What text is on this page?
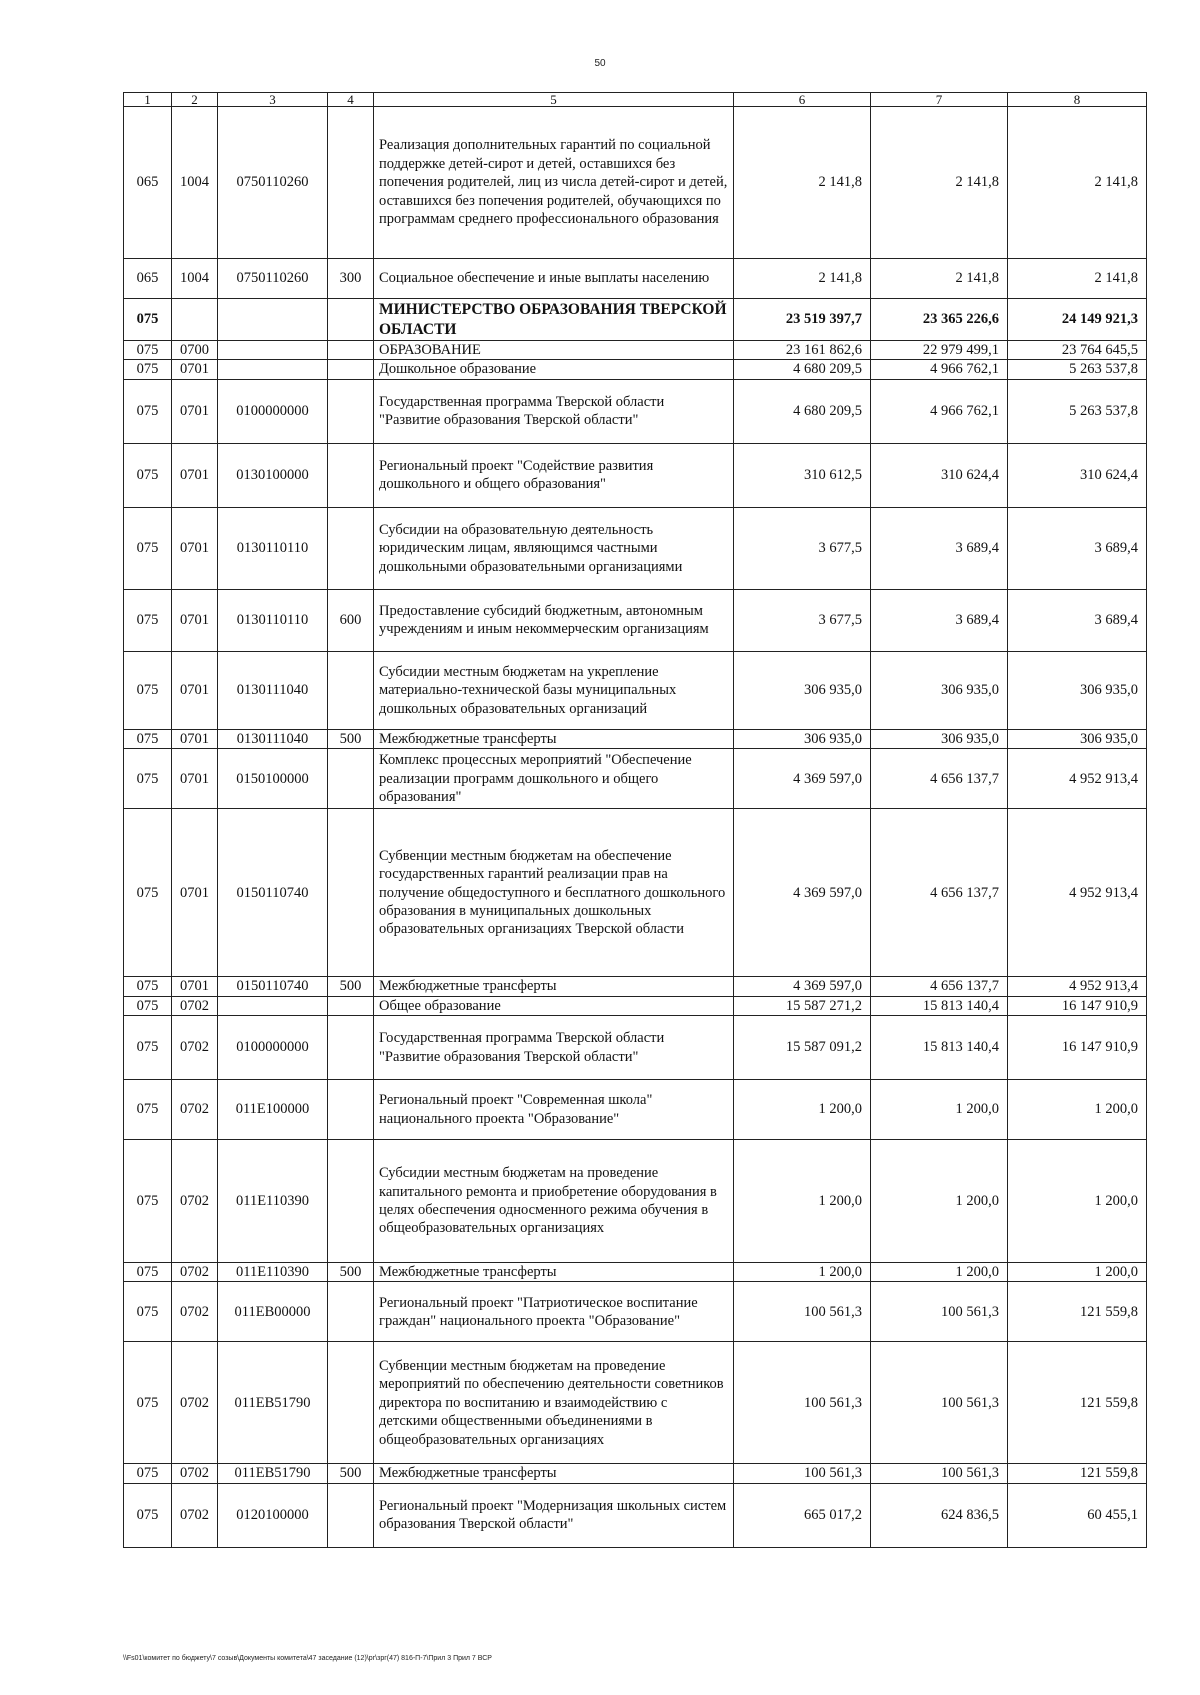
50
1	2	3	4	5	6	7	8
065	1004	0750110260		Реализация дополнительных гарантий по социальной поддержке детей-сирот и детей, оставшихся без попечения родителей, лиц из числа детей-сирот и детей, оставшихся без попечения родителей, обучающихся по программам среднего профессионального образования	2 141,8	2 141,8	2 141,8
065	1004	0750110260	300	Социальное обеспечение и иные выплаты населению	2 141,8	2 141,8	2 141,8
075				МИНИСТЕРСТВО ОБРАЗОВАНИЯ ТВЕРСКОЙ ОБЛАСТИ	23 519 397,7	23 365 226,6	24 149 921,3
075	0700			ОБРАЗОВАНИЕ	23 161 862,6	22 979 499,1	23 764 645,5
075	0701			Дошкольное образование	4 680 209,5	4 966 762,1	5 263 537,8
075	0701	0100000000		Государственная программа Тверской области "Развитие образования Тверской области"	4 680 209,5	4 966 762,1	5 263 537,8
075	0701	0130100000		Региональный проект "Содействие развития дошкольного и общего образования"	310 612,5	310 624,4	310 624,4
075	0701	0130110110		Субсидии на образовательную деятельность юридическим лицам, являющимся частными дошкольными образовательными организациями	3 677,5	3 689,4	3 689,4
075	0701	0130110110	600	Предоставление субсидий бюджетным, автономным учреждениям и иным некоммерческим организациям	3 677,5	3 689,4	3 689,4
075	0701	0130111040		Субсидии местным бюджетам на укрепление материально-технической базы муниципальных дошкольных образовательных организаций	306 935,0	306 935,0	306 935,0
075	0701	0130111040	500	Межбюджетные трансферты	306 935,0	306 935,0	306 935,0
075	0701	0150100000		Комплекс процессных мероприятий "Обеспечение реализации программ дошкольного и общего образования"	4 369 597,0	4 656 137,7	4 952 913,4
075	0701	0150110740		Субвенции местным бюджетам на обеспечение государственных гарантий реализации прав на получение общедоступного и бесплатного дошкольного образования в муниципальных дошкольных образовательных организациях Тверской области	4 369 597,0	4 656 137,7	4 952 913,4
075	0701	0150110740	500	Межбюджетные трансферты	4 369 597,0	4 656 137,7	4 952 913,4
075	0702			Общее образование	15 587 271,2	15 813 140,4	16 147 910,9
075	0702	0100000000		Государственная программа Тверской области "Развитие образования Тверской области"	15 587 091,2	15 813 140,4	16 147 910,9
075	0702	011E100000		Региональный проект "Современная школа" национального проекта "Образование"	1 200,0	1 200,0	1 200,0
075	0702	011E110390		Субсидии местным бюджетам на проведение капитального ремонта и приобретение оборудования в целях обеспечения односменного режима обучения в общеобразовательных организациях	1 200,0	1 200,0	1 200,0
075	0702	011E110390	500	Межбюджетные трансферты	1 200,0	1 200,0	1 200,0
075	0702	011EB00000		Региональный проект "Патриотическое воспитание граждан" национального проекта "Образование"	100 561,3	100 561,3	121 559,8
075	0702	011EB51790		Субвенции местным бюджетам на проведение мероприятий по обеспечению деятельности советников директора по воспитанию и взаимодействию с детскими общественными объединениями в общеобразовательных организациях	100 561,3	100 561,3	121 559,8
075	0702	011EB51790	500	Межбюджетные трансферты	100 561,3	100 561,3	121 559,8
075	0702	0120100000		Региональный проект "Модернизация школьных систем образования Тверской области"	665 017,2	624 836,5	60 455,1
\\Fs01\комитет по бюджету\7 созыв\Документы комитета\47 заседание (12)\рг\зрг(47) 816-П-7\Прил 3 Прил 7 ВСР
